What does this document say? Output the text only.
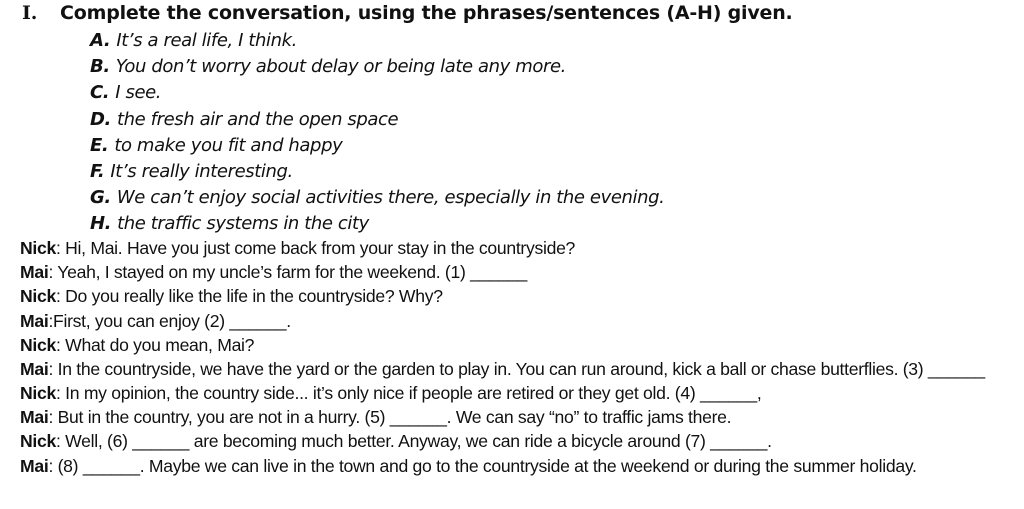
I. Complete the conversation, using the phrases/sentences (A-H) given.
A. It’s a real life, I think.
B. You don’t worry about delay or being late any more.
C. I see.
D. the fresh air and the open space
E. to make you fit and happy
F. It’s really interesting.
G. We can’t enjoy social activities there, especially in the evening.
H. the traffic systems in the city
Nick: Hi, Mai. Have you just come back from your stay in the countryside?
Mai: Yeah, I stayed on my uncle’s farm for the weekend. (1) ______
Nick: Do you really like the life in the countryside? Why?
Mai:First, you can enjoy (2) ______.
Nick: What do you mean, Mai?
Mai: In the countryside, we have the yard or the garden to play in. You can run around, kick a ball or chase butterflies. (3) ______
Nick: In my opinion, the country side... it’s only nice if people are retired or they get old. (4) ______,
Mai: But in the country, you are not in a hurry. (5) ______. We can say “no” to traffic jams there.
Nick: Well, (6) ______ are becoming much better. Anyway, we can ride a bicycle around (7) ______.
Mai: (8) ______. Maybe we can live in the town and go to the countryside at the weekend or during the summer holiday.
